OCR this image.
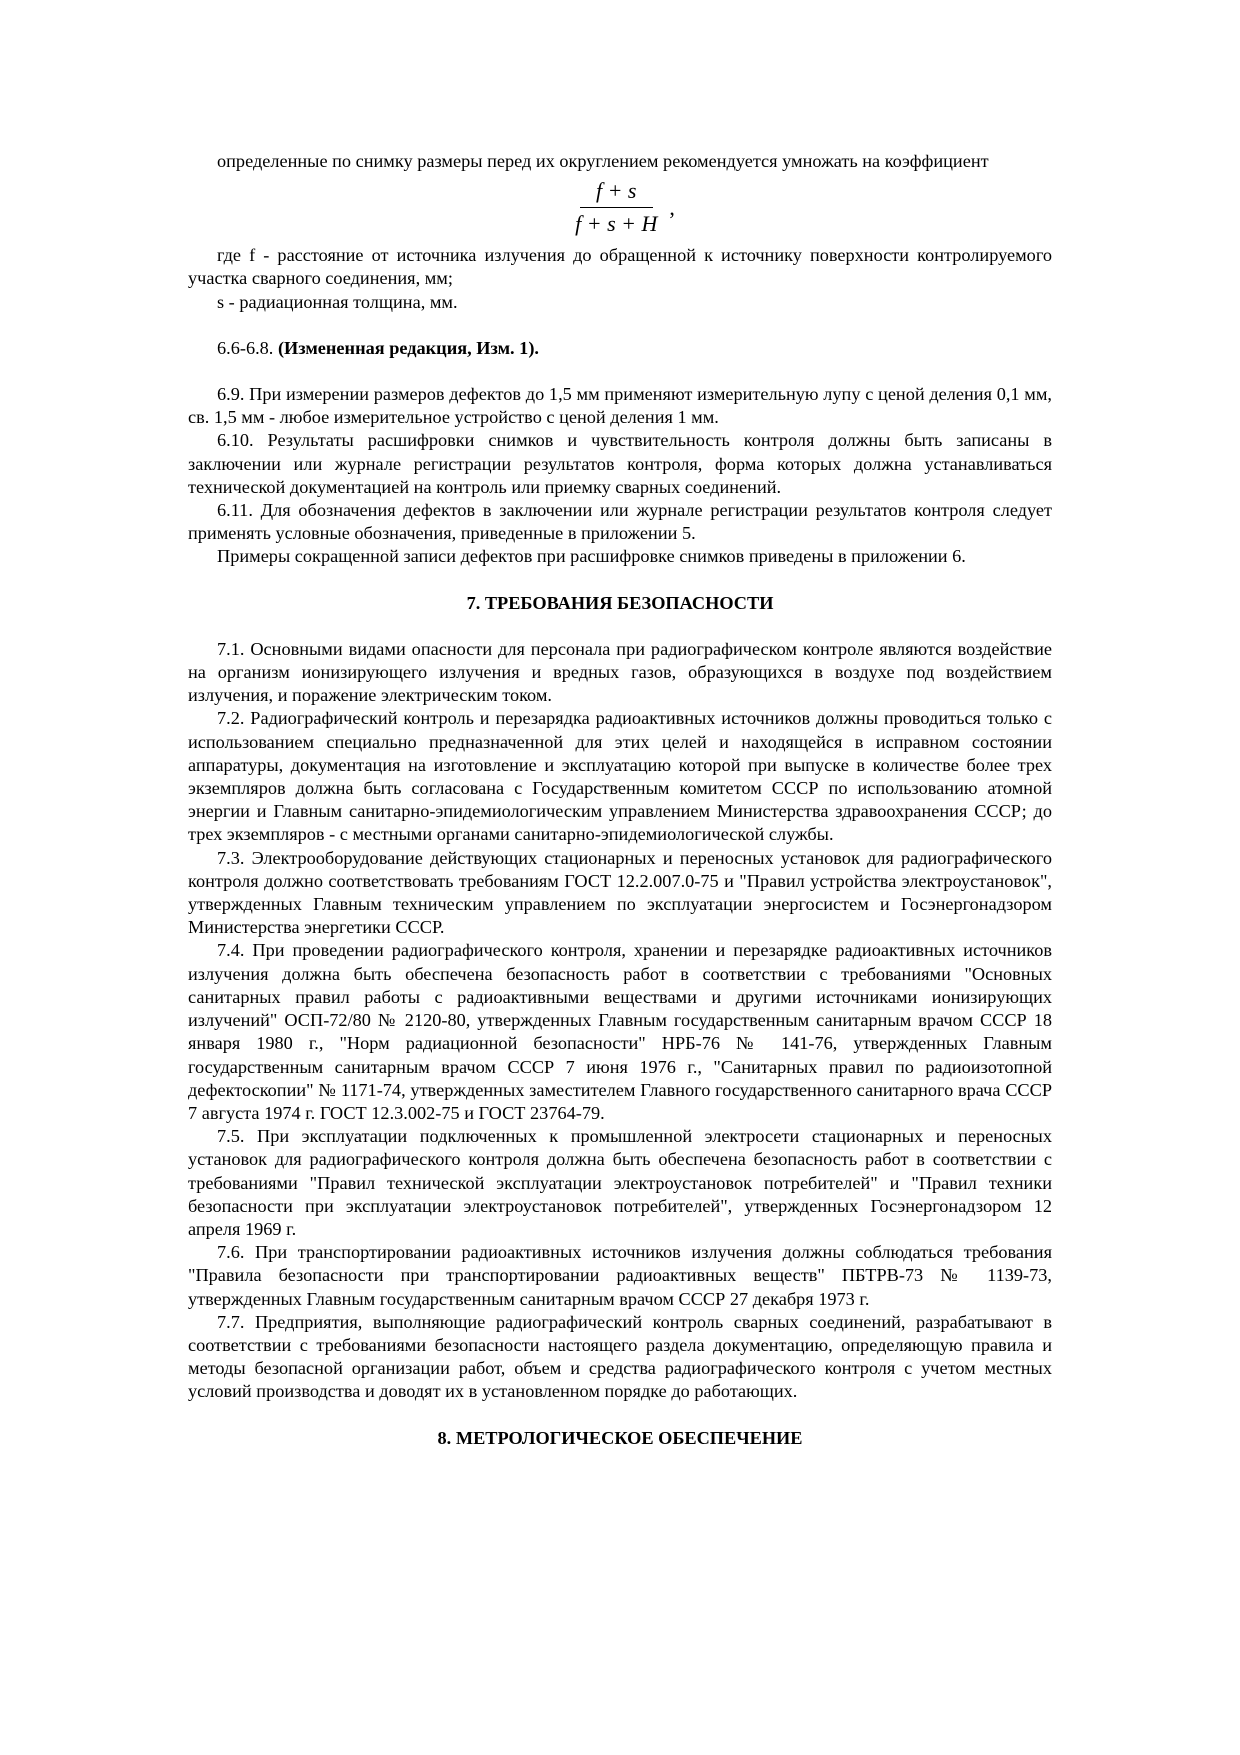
определенные по снимку размеры перед их округлением рекомендуется умножать на коэффициент

$\frac{f + s}{f + s + H}$ ,

где f - расстояние от источника излучения до обращенной к источнику поверхности контролируемого участка сварного соединения, мм;

s - радиационная толщина, мм.

6.6-6.8. (Измененная редакция, Изм. 1).

6.9. При измерении размеров дефектов до 1,5 мм применяют измерительную лупу с ценой деления 0,1 мм, св. 1,5 мм - любое измерительное устройство с ценой деления 1 мм.

6.10. Результаты расшифровки снимков и чувствительность контроля должны быть записаны в заключении или журнале регистрации результатов контроля, форма которых должна устанавливаться технической документацией на контроль или приемку сварных соединений.

6.11. Для обозначения дефектов в заключении или журнале регистрации результатов контроля следует применять условные обозначения, приведенные в приложении 5.

Примеры сокращенной записи дефектов при расшифровке снимков приведены в приложении 6.

7. ТРЕБОВАНИЯ БЕЗОПАСНОСТИ

7.1. Основными видами опасности для персонала при радиографическом контроле являются воздействие на организм ионизирующего излучения и вредных газов, образующихся в воздухе под воздействием излучения, и поражение электрическим током.

7.2. Радиографический контроль и перезарядка радиоактивных источников должны проводиться только с использованием специально предназначенной для этих целей и находящейся в исправном состоянии аппаратуры, документация на изготовление и эксплуатацию которой при выпуске в количестве более трех экземпляров должна быть согласована с Государственным комитетом СССР по использованию атомной энергии и Главным санитарно-эпидемиологическим управлением Министерства здравоохранения СССР; до трех экземпляров - с местными органами санитарно-эпидемиологической службы.

7.3. Электрооборудование действующих стационарных и переносных установок для радиографического контроля должно соответствовать требованиям ГОСТ 12.2.007.0-75 и "Правил устройства электроустановок", утвержденных Главным техническим управлением по эксплуатации энергосистем и Госэнергонадзором Министерства энергетики СССР.

7.4. При проведении радиографического контроля, хранении и перезарядке радиоактивных источников излучения должна быть обеспечена безопасность работ в соответствии с требованиями "Основных санитарных правил работы с радиоактивными веществами и другими источниками ионизирующих излучений" ОСП-72/80 № 2120-80, утвержденных Главным государственным санитарным врачом СССР 18 января 1980 г., "Норм радиационной безопасности" НРБ-76 № 141-76, утвержденных Главным государственным санитарным врачом СССР 7 июня 1976 г., "Санитарных правил по радиоизотопной дефектоскопии" № 1171-74, утвержденных заместителем Главного государственного санитарного врача СССР 7 августа 1974 г. ГОСТ 12.3.002-75 и ГОСТ 23764-79.

7.5. При эксплуатации подключенных к промышленной электросети стационарных и переносных установок для радиографического контроля должна быть обеспечена безопасность работ в соответствии с требованиями "Правил технической эксплуатации электроустановок потребителей" и "Правил техники безопасности при эксплуатации электроустановок потребителей", утвержденных Госэнергонадзором 12 апреля 1969 г.

7.6. При транспортировании радиоактивных источников излучения должны соблюдаться требования "Правила безопасности при транспортировании радиоактивных веществ" ПБТРВ-73 № 1139-73, утвержденных Главным государственным санитарным врачом СССР 27 декабря 1973 г.

7.7. Предприятия, выполняющие радиографический контроль сварных соединений, разрабатывают в соответствии с требованиями безопасности настоящего раздела документацию, определяющую правила и методы безопасной организации работ, объем и средства радиографического контроля с учетом местных условий производства и доводят их в установленном порядке до работающих.

8. МЕТРОЛОГИЧЕСКОЕ ОБЕСПЕЧЕНИЕ
